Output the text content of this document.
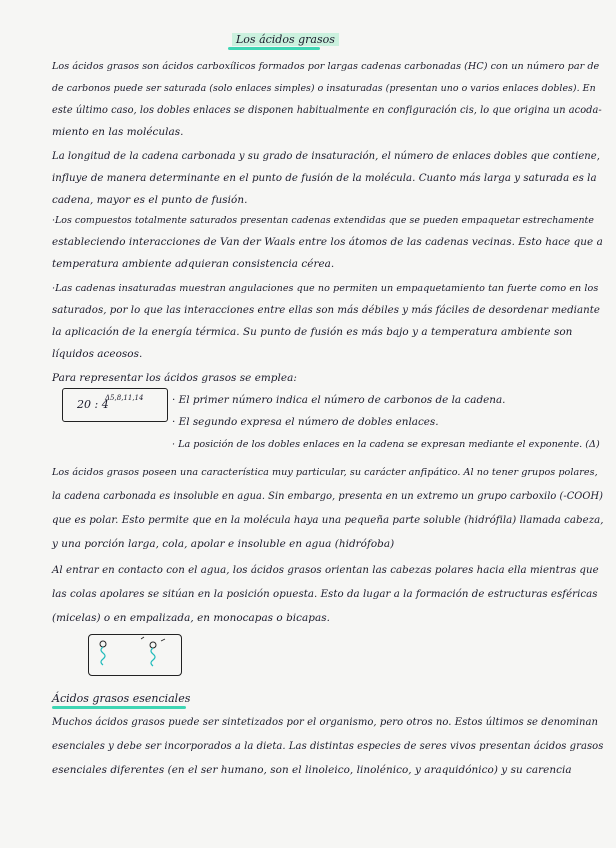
Los ácidos grasos
Los ácidos grasos son ácidos carboxílicos formados por largas cadenas carbonadas (HC) con un número par de
de carbonos puede ser saturada (solo enlaces simples) o insaturadas (presentan uno o varios enlaces dobles). En
este último caso, los dobles enlaces se disponen habitualmente en configuración cis, lo que origina un acoda-
miento en las moléculas.
La longitud de la cadena carbonada y su grado de insaturación, el número de enlaces dobles que contiene,
influye de manera determinante en el punto de fusión de la molécula. Cuanto más larga y saturada es la
cadena, mayor es el punto de fusión.
·Los compuestos totalmente saturados presentan cadenas extendidas que se pueden empaquetar estrechamente
estableciendo interacciones de Van der Waals entre los átomos de las cadenas vecinas. Esto hace que a
temperatura ambiente adquieran consistencia cérea.
·Las cadenas insaturadas muestran angulaciones que no permiten un empaquetamiento tan fuerte como en los
saturados, por lo que las interacciones entre ellas son más débiles y más fáciles de desordenar mediante
la aplicación de la energía térmica. Su punto de fusión es más bajo y a temperatura ambiente son
líquidos aceosos.
Para representar los ácidos grasos se emplea:
20 : 4
Δ5,8,11,14	· El primer número indica el número de carbonos de la cadena.
· El segundo expresa el número de dobles enlaces.
· La posición de los dobles enlaces en la cadena se expresan mediante el exponente. (Δ)
Los ácidos grasos poseen una característica muy particular, su carácter anfipático. Al no tener grupos polares,
la cadena carbonada es insoluble en agua. Sin embargo, presenta en un extremo un grupo carboxilo (-COOH)
que es polar. Esto permite que en la molécula haya una pequeña parte soluble (hidrófila) llamada cabeza,
y una porción larga, cola, apolar e insoluble en agua (hidrófoba)
Al entrar en contacto con el agua, los ácidos grasos orientan las cabezas polares hacia ella mientras que
las colas apolares se sitúan en la posición opuesta. Esto da lugar a la formación de estructuras esféricas
(micelas) o en empalizada, en monocapas o bicapas.
Ácidos grasos esenciales
Muchos ácidos grasos puede ser sintetizados por el organismo, pero otros no. Estos últimos se denominan
esenciales y debe ser incorporados a la dieta. Las distintas especies de seres vivos presentan ácidos grasos
esenciales diferentes (en el ser humano, son el linoleico, linolénico, y araquidónico) y su carencia
